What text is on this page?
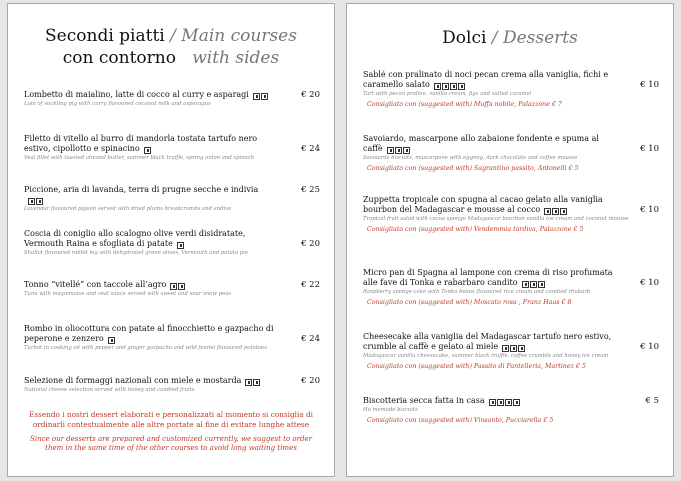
Secondi piatti / Main courses
con contorno with sides
Lombetto di maialino, latte di cocco al curry e asparagi
Loin of suckling pig with curry flavoured coconut milk and asparagus
€ 20
Filetto di vitello al burro di mandorla tostata tartufo nero estivo, cipollotto e spinacino
Veal fillet with toasted almond butter, summer black truffle, spring onion and spinach
€ 24
Piccione, aria di lavanda, terra di prugne secche e indivia
Lavender flavoured pigeon served with dried plums breadcrumbs and endive
€ 25
Coscia di coniglio allo scalogno olive verdi disidratate, Vermouth Raina e sfogliata di patate
Shallot flavoured rabbit leg with dehydrated green olives, Vermouth and potato pie
€ 20
Tonno “vitellé” con taccole all’agro
Tuna with mayonnaise and veal sauce served with sweet and sour snow peas
€ 22
Rombo in oliocottura con patate al finocchietto e gazpacho di peperone e zenzero
Turbot in cooking oil with pepper and ginger gazpacho and wild fennel flavoured potatoes
€ 24
Selezione di formaggi nazionali con miele e mostarda
National cheese selection served with honey and candied fruits
€ 20
Essendo i nostri dessert elaborati e personalizzati al momento si consiglia di ordinarli contestualmente alle altre portate al fine di evitare lunghe attese
Since our desserts are prepared and customized currently, we suggest to order them in the same time of the other courses to avoid long waiting times
Dolci / Desserts
Sablé con pralinato di noci pecan crema alla vaniglia, fichi e caramello salato
Tart with pecan praline, vanilla cream, figs and salted caramel
Consigliato con (suggested with) Muffa nobile, Palazzone € 7
€ 10
Savoiardo, mascarpone allo zabaione fondente e spuma al caffè
Savoiards biscuits, mascarpone with eggnog, dark chocolate and coffee mousse
Consigliato con (suggested with) Sagrantino passito, Antonelli € 5
€ 10
Zuppetta tropicale con spugna al cacao gelato alla vaniglia bourbon del Madagascar e mousse al cocco
Tropical fruit salad with cocoa sponge Madagascar bourbon vanilla ice cream and coconut mousse
Consigliato con (suggested with) Vendemmia tardiva, Palazzone € 5
€ 10
Micro pan di Spagna al lampone con crema di riso profumata alle fave di Tonka e rabarbaro candito
Raspberry sponge cake with Tonka beans flavoured rice cream and candied rhubarb
Consigliato con (suggested with) Moscato rosa , Franz Haas € 8
€ 10
Cheesecake alla vaniglia del Madagascar tartufo nero estivo, crumble al caffè e gelato al miele
Madagascar vanilla cheesecake, summer black truffle, coffee crumble and honey ice cream
Consigliato con (suggested with) Passito di Pantelleria, Martinez € 5
€ 10
Biscotteria secca fatta in casa
Ho memade biscuits
Consigliato con (suggested with) Vinsanto, Pucciarella € 5
€ 5
